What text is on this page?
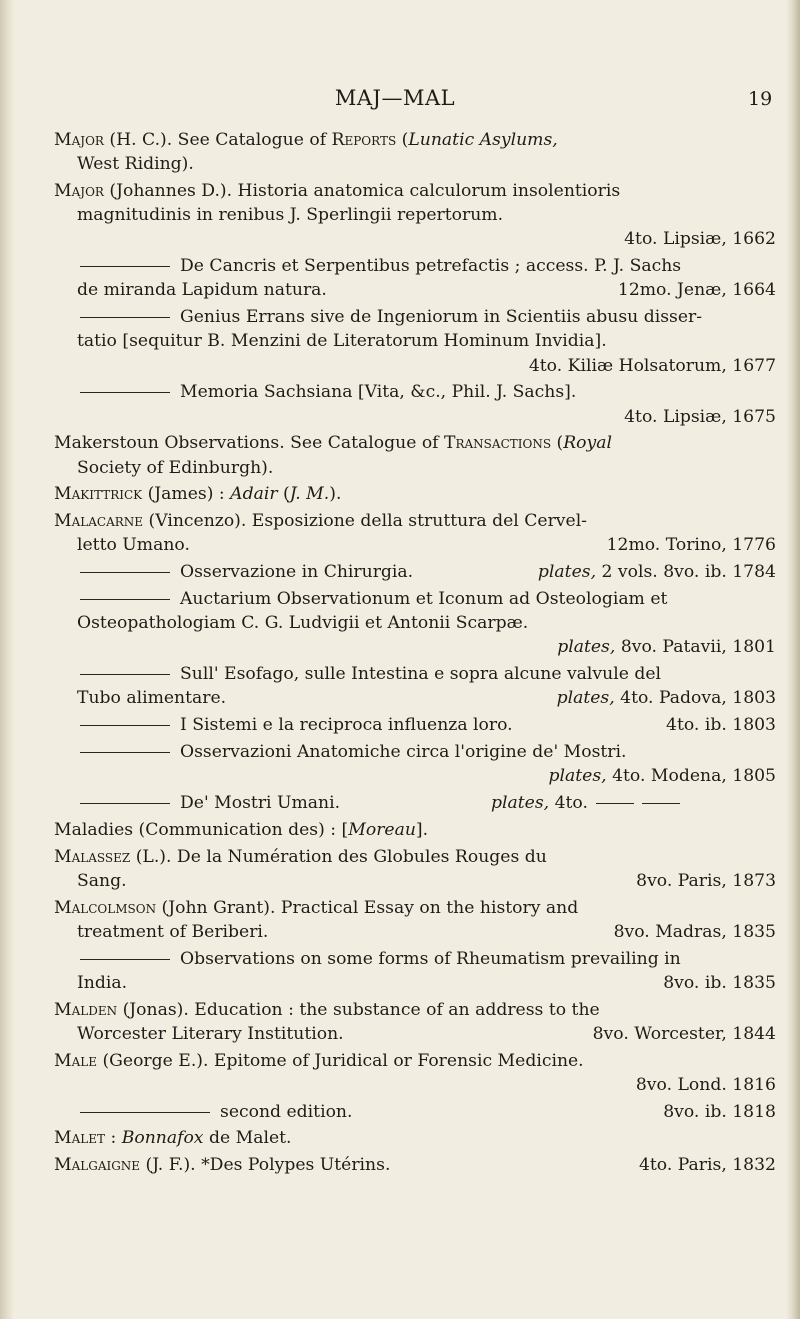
MAJ—MAL	19
Major (H. C.). See Catalogue of Reports (Lunatic Asylums,
West Riding).
Major (Johannes D.). Historia anatomica calculorum insolentioris
magnitudinis in renibus J. Sperlingii repertorum.
4to. Lipsiæ, 1662
De Cancris et Serpentibus petrefactis ; access. P. J. Sachs
de miranda Lapidum natura.	12mo. Jenæ, 1664
Genius Errans sive de Ingeniorum in Scientiis abusu disser-
tatio [sequitur B. Menzini de Literatorum Hominum Invidia].
4to. Kiliæ Holsatorum, 1677
Memoria Sachsiana [Vita, &c., Phil. J. Sachs].
4to. Lipsiæ, 1675
Makerstoun Observations. See Catalogue of Transactions (Royal
Society of Edinburgh).
Makittrick (James) : Adair (J. M.).
Malacarne (Vincenzo). Esposizione della struttura del Cervel-
letto Umano.	12mo. Torino, 1776
Osservazione in Chirurgia.	plates, 2 vols. 8vo. ib. 1784
Auctarium Observationum et Iconum ad Osteologiam et
Osteopathologiam C. G. Ludvigii et Antonii Scarpæ.
plates, 8vo. Patavii, 1801
Sull' Esofago, sulle Intestina e sopra alcune valvule del
Tubo alimentare.	plates, 4to. Padova, 1803
I Sistemi e la reciproca influenza loro.	4to. ib. 1803
Osservazioni Anatomiche circa l'origine de' Mostri.
plates, 4to. Modena, 1805
De' Mostri Umani.	plates, 4to.
Maladies (Communication des) : [Moreau].
Malassez (L.). De la Numération des Globules Rouges du
Sang.	8vo. Paris, 1873
Malcolmson (John Grant). Practical Essay on the history and
treatment of Beriberi.	8vo. Madras, 1835
Observations on some forms of Rheumatism prevailing in
India.	8vo. ib. 1835
Malden (Jonas). Education : the substance of an address to the
Worcester Literary Institution.	8vo. Worcester, 1844
Male (George E.). Epitome of Juridical or Forensic Medicine.
8vo. Lond. 1816
second edition.	8vo. ib. 1818
Malet : Bonnafox de Malet.
Malgaigne (J. F.). *Des Polypes Utérins.	4to. Paris, 1832
